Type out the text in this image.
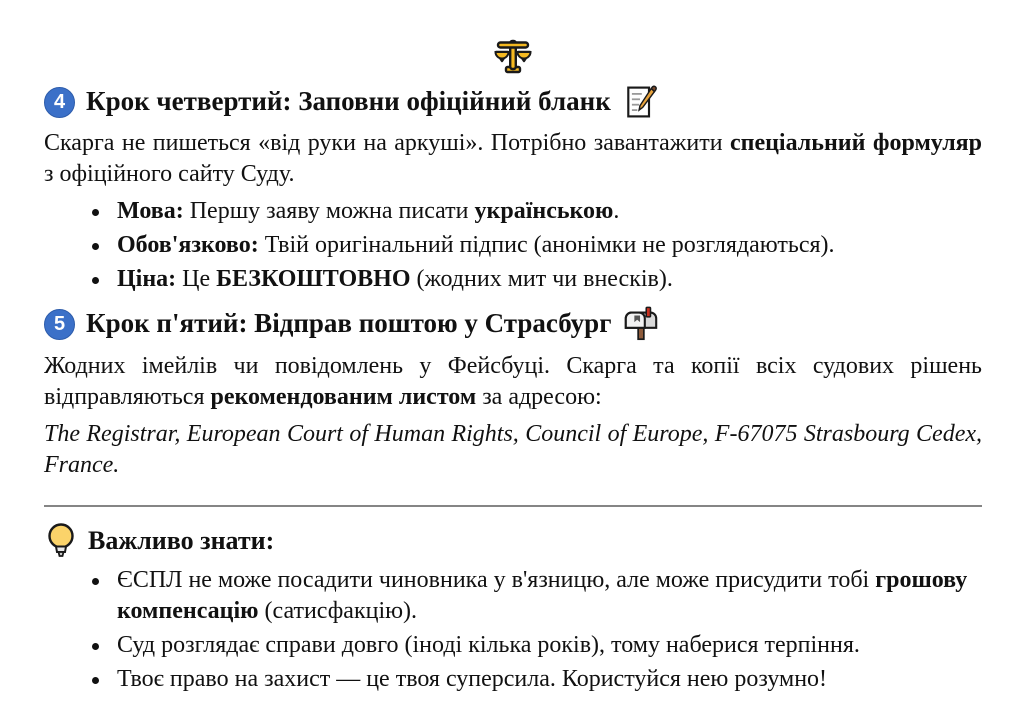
4 Крок четвертий: Заповни офіційний бланк

Скарга не пишеться «від руки на аркуші». Потрібно завантажити спеціальний формуляр з офіційного сайту Суду.

Мова: Першу заяву можна писати українською.
Обов'язково: Твій оригінальний підпис (анонімки не розглядаються).
Ціна: Це БЕЗКОШТОВНО (жодних мит чи внесків).
5 Крок п'ятий: Відправ поштою у Страсбург

Жодних імейлів чи повідомлень у Фейсбуці. Скарга та копії всіх судових рішень відправляються рекомендованим листом за адресою:

The Registrar, European Court of Human Rights, Council of Europe, F-67075 Strasbourg Cedex, France.

Важливо знати:
ЄСПЛ не може посадити чиновника у в'язницю, але може присудити тобі грошову компенсацію (сатисфакцію).
Суд розглядає справи довго (іноді кілька років), тому наберися терпіння.
Твоє право на захист — це твоя суперсила. Користуйся нею розумно!
